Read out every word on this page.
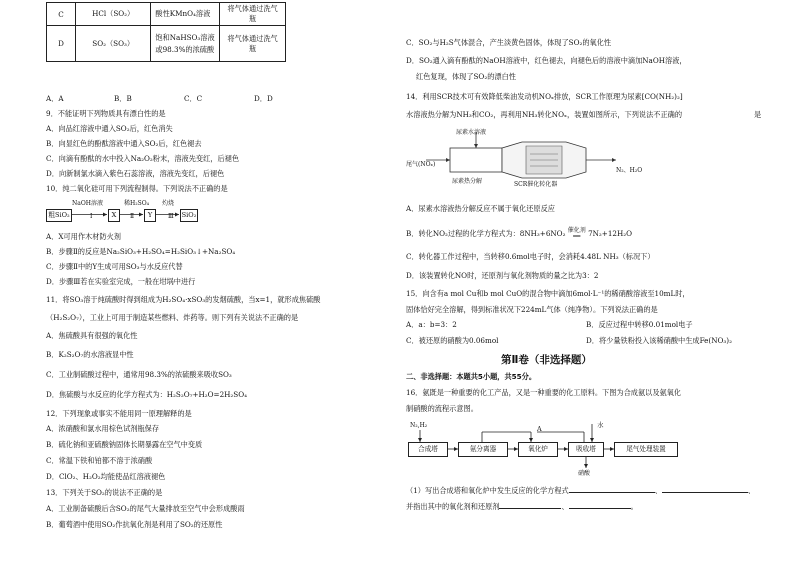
C	HCl（SO₂）	酸性KMnO₄溶液	将气体通过洗气瓶
D	SO₂（SO₃）	饱和NaHSO₃溶液或98.3%的浓硫酸	将气体通过洗气瓶
A．A	B．B	C．C	D．D
9．不能证明下列物质具有漂白性的是
A．向品红溶液中通入SO₂后，红色消失
B．向显红色的酚酞溶液中通入SO₂后，红色褪去
C．向滴有酚酞的水中投入Na₂O₂粉末，溶液先变红，后褪色
D．向新制氯水滴入紫色石蕊溶液，溶液先变红，后褪色
10．纯二氧化硅可用下列流程制得。下列说法不正确的是
粗SiO₂
NaOH溶液
Ⅰ	X
稀H₂SO₄
Ⅱ	Y
灼烧
Ⅲ SiO₂
A．X可用作木材防火剂
B．步骤Ⅱ的反应是Na₂SiO₃+H₂SO₄=H₂SiO₃↓+Na₂SO₄
C．步骤Ⅱ中的Y生成可用SO₃与水反应代替
D．步骤Ⅲ若在实验室完成，一般在坩埚中进行
11．将SO₃溶于纯硫酸时得到组成为H₂SO₄·xSO₃的发烟硫酸，当x=1，就形成焦硫酸
（H₂S₂O₇），工业上可用于制造某些燃料、炸药等。则下列有关说法不正确的是
A．焦硫酸具有很强的氧化性
B．K₂S₂O₇的水溶液显中性
C．工业制硫酸过程中，通常用98.3%的浓硫酸来吸收SO₃
D．焦硫酸与水反应的化学方程式为：H₂S₂O₇+H₂O=2H₂SO₄
12．下列现象或事实不能用同一原理解释的是
A．浓硝酸和氯水用棕色试剂瓶保存
B．硫化钠和亚硫酸钠固体长期暴露在空气中变质
C．常温下铁和铂都不溶于浓硝酸
D．ClO₂、H₂O₂均能使品红溶液褪色
13．下列关于SO₂的说法不正确的是
A．工业制备硫酸后含SO₂的尾气大量排放至空气中会形成酸雨
B．葡萄酒中使用SO₂作抗氧化剂是利用了SO₂的还原性
C．SO₂与H₂S气体混合，产生淡黄色固体，体现了SO₂的氧化性
D．SO₂通入滴有酚酞的NaOH溶液中，红色褪去，向褪色后的溶液中滴加NaOH溶液，
红色复现，体现了SO₂的漂白性
14．利用SCR技术可有效降低柴油发动机NOₓ排放，SCR工作原理为尿素[CO(NH₂)₂]
水溶液热分解为NH₃和CO₂，再利用NH₃转化NOₓ，装置如图所示，下列说法不正确的	是
尿素水溶液
尾气(NOₓ)
尿素热分解	SCR催化转化器
N₂、H₂O
A．尿素水溶液热分解反应不属于氧化还原反应
B．转化NO₂过程的化学方程式为：8NH₃+6NO₂ 催化剂
══ 7N₂+12H₂O
C．转化器工作过程中，当转移0.6mol电子时，会消耗4.48L NH₃（标况下）
D．该装置转化NO时，还原剂与氧化剂物质的量之比为3：2
15．向含有a mol Cu和b mol CuO的混合物中滴加6mol·L⁻¹的稀硝酸溶液至10mL时，
固体恰好完全溶解，得到标准状况下224mL气体（纯净物）。下列说法正确的是
A．a：b=3：2	B．反应过程中转移0.01mol电子
C．被还原的硝酸为0.06mol	D．将少量铁粉投入该稀硝酸中生成Fe(NO₃)₂
第Ⅱ卷（非选择题）
二、非选择题：本题共5小题，共55分。
16．氨既是一种重要的化工产品，又是一种重要的化工原料。下图为合成氨以及氨氧化
制硝酸的流程示意图。
N₂,H₂	A	水
合成塔	氨分离器	氧化炉	吸收塔	尾气处理装置
硝酸
（1）写出合成塔和氧化炉中发生反应的化学方程式	、	、
并指出其中的氧化剂和还原剂	、	。
